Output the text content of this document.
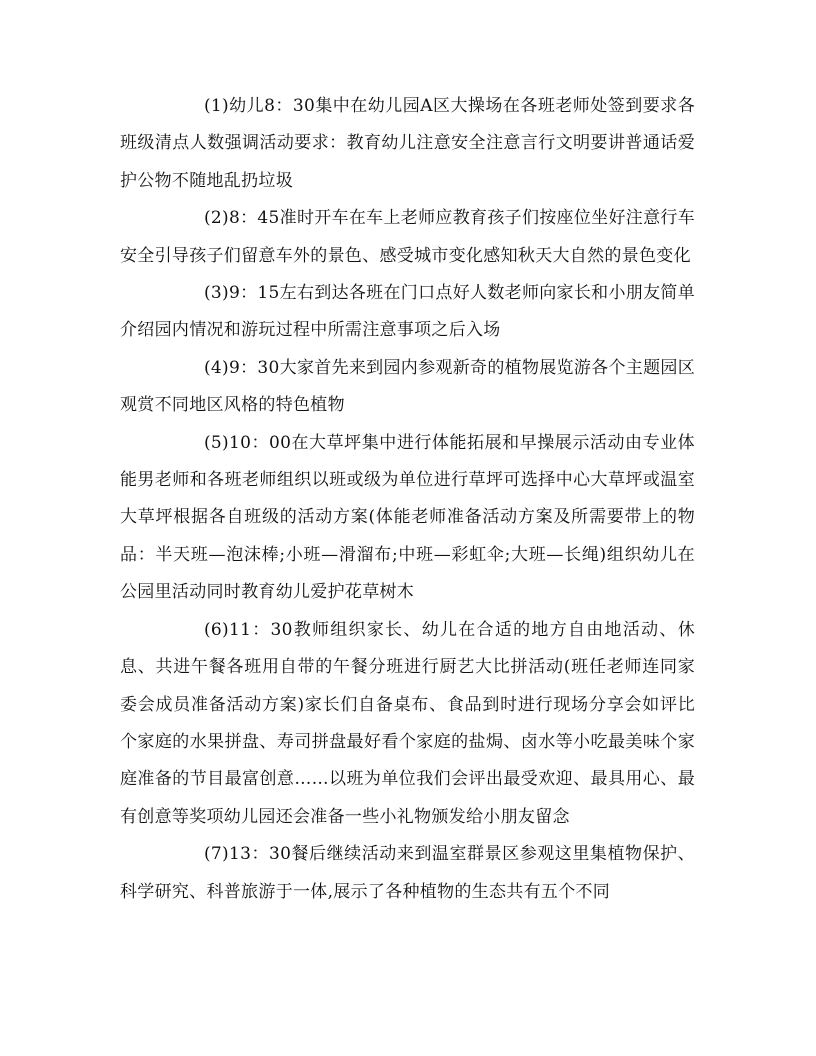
(1)幼儿8：30集中在幼儿园A区大操场在各班老师处签到要求各班级清点人数强调活动要求：教育幼儿注意安全注意言行文明要讲普通话爱护公物不随地乱扔垃圾

(2)8：45准时开车在车上老师应教育孩子们按座位坐好注意行车安全引导孩子们留意车外的景色、感受城市变化感知秋天大自然的景色变化

(3)9：15左右到达各班在门口点好人数老师向家长和小朋友简单介绍园内情况和游玩过程中所需注意事项之后入场

(4)9：30大家首先来到园内参观新奇的植物展览游各个主题园区观赏不同地区风格的特色植物

(5)10：00在大草坪集中进行体能拓展和早操展示活动由专业体能男老师和各班老师组织以班或级为单位进行草坪可选择中心大草坪或温室大草坪根据各自班级的活动方案(体能老师准备活动方案及所需要带上的物品：半天班—泡沫棒;小班—滑溜布;中班—彩虹伞;大班—长绳)组织幼儿在公园里活动同时教育幼儿爱护花草树木

(6)11：30教师组织家长、幼儿在合适的地方自由地活动、休息、共进午餐各班用自带的午餐分班进行厨艺大比拼活动(班任老师连同家委会成员准备活动方案)家长们自备桌布、食品到时进行现场分享会如评比个家庭的水果拼盘、寿司拼盘最好看个家庭的盐焗、卤水等小吃最美味个家庭准备的节目最富创意……以班为单位我们会评出最受欢迎、最具用心、最有创意等奖项幼儿园还会准备一些小礼物颁发给小朋友留念

(7)13：30餐后继续活动来到温室群景区参观这里集植物保护、科学研究、科普旅游于一体,展示了各种植物的生态共有五个不同
